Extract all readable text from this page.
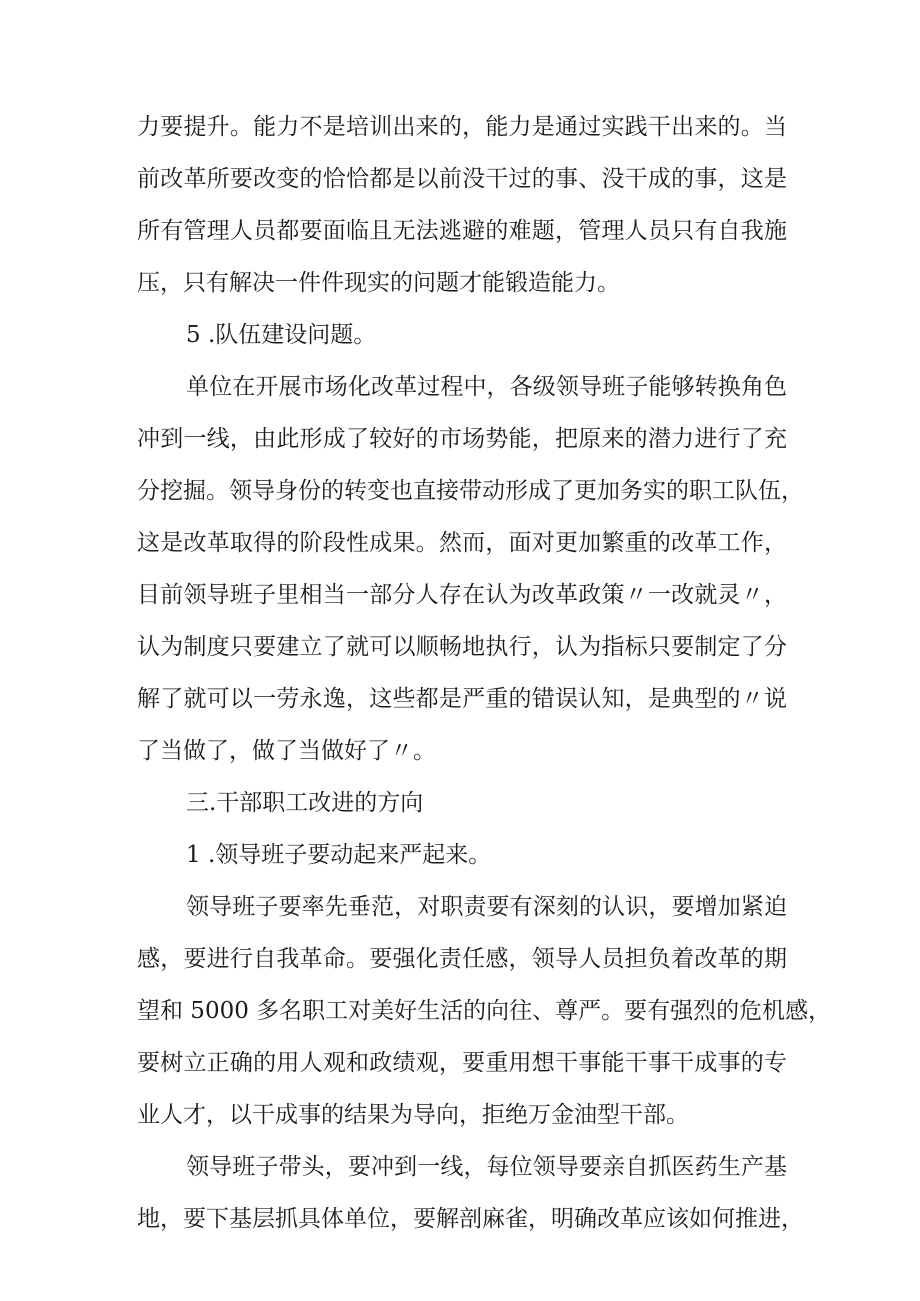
力要提升。能力不是培训出来的，能力是通过实践干出来的。当
前改革所要改变的恰恰都是以前没干过的事、没干成的事，这是
所有管理人员都要面临且无法逃避的难题，管理人员只有自我施
压，只有解决一件件现实的问题才能锻造能力。
5 .队伍建设问题。
单位在开展市场化改革过程中，各级领导班子能够转换角色
冲到一线，由此形成了较好的市场势能，把原来的潜力进行了充
分挖掘。领导身份的转变也直接带动形成了更加务实的职工队伍，
这是改革取得的阶段性成果。然而，面对更加繁重的改革工作，
目前领导班子里相当一部分人存在认为改革政策〃一改就灵〃，
认为制度只要建立了就可以顺畅地执行，认为指标只要制定了分
解了就可以一劳永逸，这些都是严重的错误认知，是典型的〃说
了当做了，做了当做好了〃。
三.干部职工改进的方向
1 .领导班子要动起来严起来。
领导班子要率先垂范，对职责要有深刻的认识，要增加紧迫
感，要进行自我革命。要强化责任感，领导人员担负着改革的期
望和 5000 多名职工对美好生活的向往、尊严。要有强烈的危机感，
要树立正确的用人观和政绩观，要重用想干事能干事干成事的专
业人才，以干成事的结果为导向，拒绝万金油型干部。
领导班子带头，要冲到一线，每位领导要亲自抓医药生产基
地，要下基层抓具体单位，要解剖麻雀，明确改革应该如何推进，
